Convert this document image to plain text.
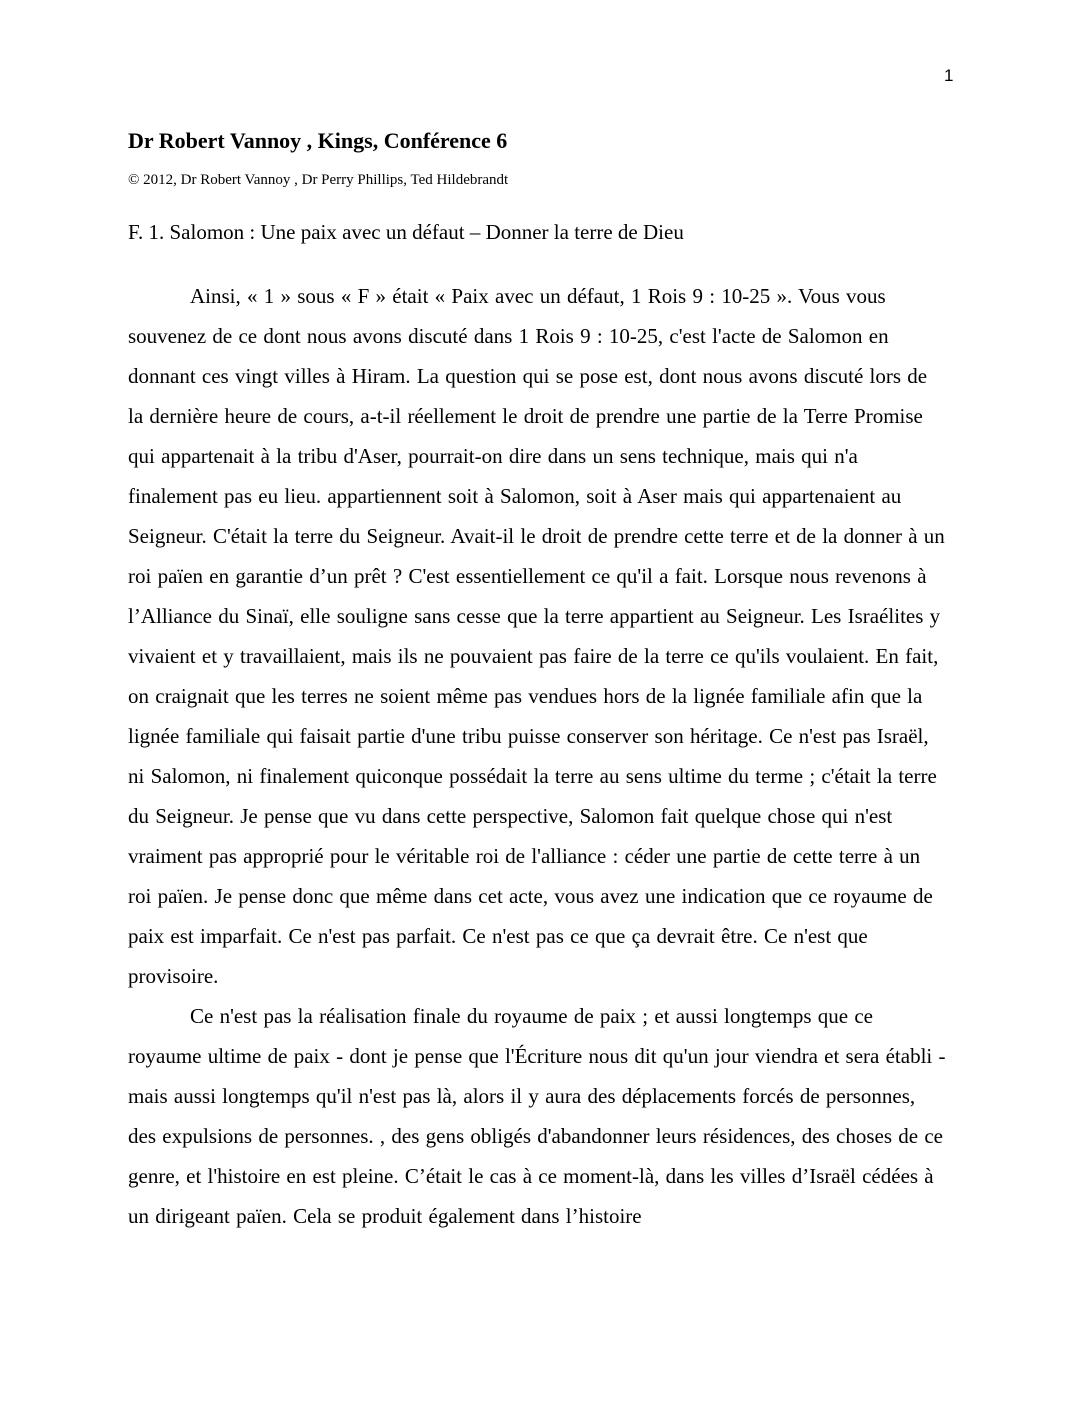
1
Dr Robert Vannoy , Kings, Conférence 6
© 2012, Dr Robert Vannoy , Dr Perry Phillips, Ted Hildebrandt
F. 1. Salomon : Une paix avec un défaut – Donner la terre de Dieu

Ainsi, « 1 » sous « F » était « Paix avec un défaut, 1 Rois 9 : 10-25 ». Vous vous souvenez de ce dont nous avons discuté dans 1 Rois 9 : 10-25, c'est l'acte de Salomon en donnant ces vingt villes à Hiram. La question qui se pose est, dont nous avons discuté lors de la dernière heure de cours, a-t-il réellement le droit de prendre une partie de la Terre Promise qui appartenait à la tribu d'Aser, pourrait-on dire dans un sens technique, mais qui n'a finalement pas eu lieu. appartiennent soit à Salomon, soit à Aser mais qui appartenaient au Seigneur. C'était la terre du Seigneur. Avait-il le droit de prendre cette terre et de la donner à un roi païen en garantie d’un prêt ? C'est essentiellement ce qu'il a fait. Lorsque nous revenons à l’Alliance du Sinaï, elle souligne sans cesse que la terre appartient au Seigneur. Les Israélites y vivaient et y travaillaient, mais ils ne pouvaient pas faire de la terre ce qu'ils voulaient. En fait, on craignait que les terres ne soient même pas vendues hors de la lignée familiale afin que la lignée familiale qui faisait partie d'une tribu puisse conserver son héritage. Ce n'est pas Israël, ni Salomon, ni finalement quiconque possédait la terre au sens ultime du terme ; c'était la terre du Seigneur. Je pense que vu dans cette perspective, Salomon fait quelque chose qui n'est vraiment pas approprié pour le véritable roi de l'alliance : céder une partie de cette terre à un roi païen. Je pense donc que même dans cet acte, vous avez une indication que ce royaume de paix est imparfait. Ce n'est pas parfait. Ce n'est pas ce que ça devrait être. Ce n'est que provisoire.

Ce n'est pas la réalisation finale du royaume de paix ; et aussi longtemps que ce royaume ultime de paix - dont je pense que l'Écriture nous dit qu'un jour viendra et sera établi - mais aussi longtemps qu'il n'est pas là, alors il y aura des déplacements forcés de personnes, des expulsions de personnes. , des gens obligés d'abandonner leurs résidences, des choses de ce genre, et l'histoire en est pleine. C’était le cas à ce moment-là, dans les villes d’Israël cédées à un dirigeant païen. Cela se produit également dans l’histoire
